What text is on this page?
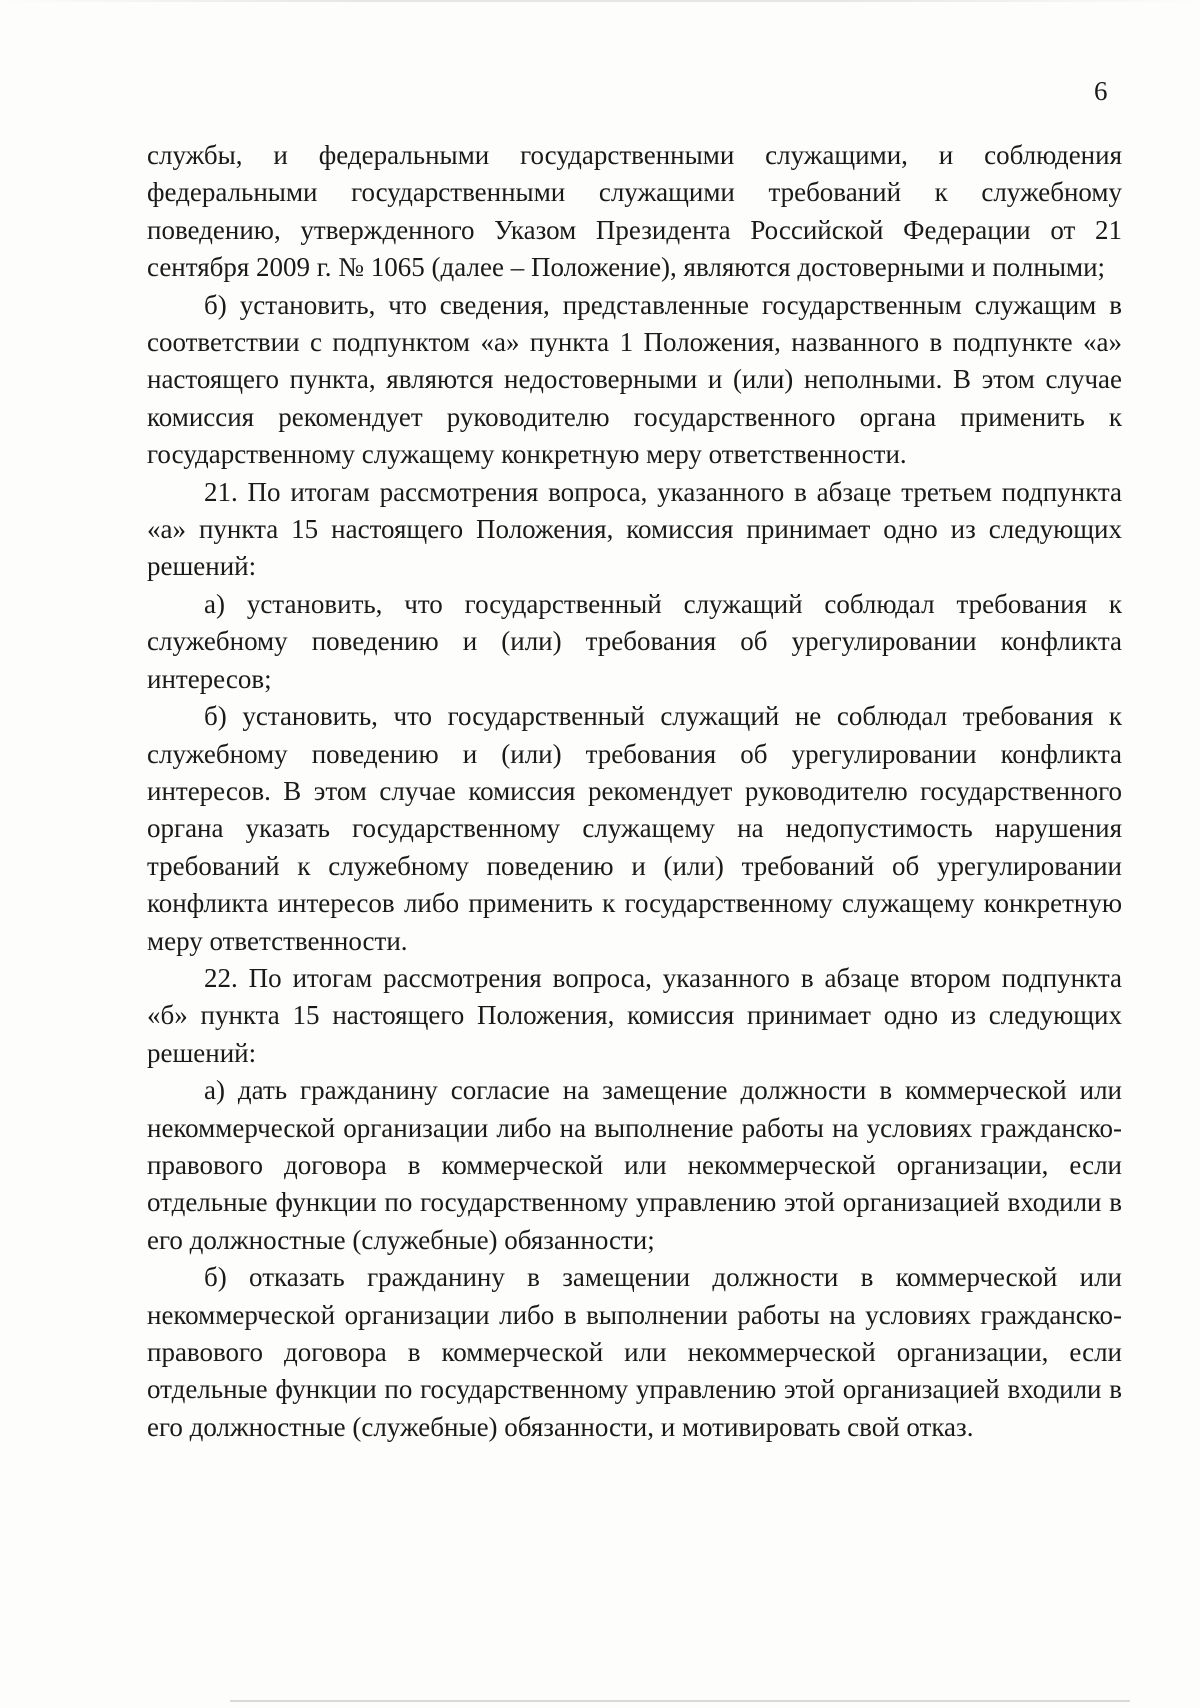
6

службы, и федеральными государственными служащими, и соблюдения федеральными государственными служащими требований к служебному поведению, утвержденного Указом Президента Российской Федерации от 21 сентября 2009 г. № 1065 (далее – Положение), являются достоверными и полными;

б) установить, что сведения, представленные государственным служащим в соответствии с подпунктом «а» пункта 1 Положения, названного в подпункте «а» настоящего пункта, являются недостоверными и (или) неполными. В этом случае комиссия рекомендует руководителю государственного органа применить к государственному служащему конкретную меру ответственности.

21. По итогам рассмотрения вопроса, указанного в абзаце третьем подпункта «а» пункта 15 настоящего Положения, комиссия принимает одно из следующих решений:

а) установить, что государственный служащий соблюдал требования к служебному поведению и (или) требования об урегулировании конфликта интересов;

б) установить, что государственный служащий не соблюдал требования к служебному поведению и (или) требования об урегулировании конфликта интересов. В этом случае комиссия рекомендует руководителю государственного органа указать государственному служащему на недопустимость нарушения требований к служебному поведению и (или) требований об урегулировании конфликта интересов либо применить к государственному служащему конкретную меру ответственности.

22. По итогам рассмотрения вопроса, указанного в абзаце втором подпункта «б» пункта 15 настоящего Положения, комиссия принимает одно из следующих решений:

а) дать гражданину согласие на замещение должности в коммерческой или некоммерческой организации либо на выполнение работы на условиях гражданско-правового договора в коммерческой или некоммерческой организации, если отдельные функции по государственному управлению этой организацией входили в его должностные (служебные) обязанности;

б) отказать гражданину в замещении должности в коммерческой или некоммерческой организации либо в выполнении работы на условиях гражданско-правового договора в коммерческой или некоммерческой организации, если отдельные функции по государственному управлению этой организацией входили в его должностные (служебные) обязанности, и мотивировать свой отказ.
